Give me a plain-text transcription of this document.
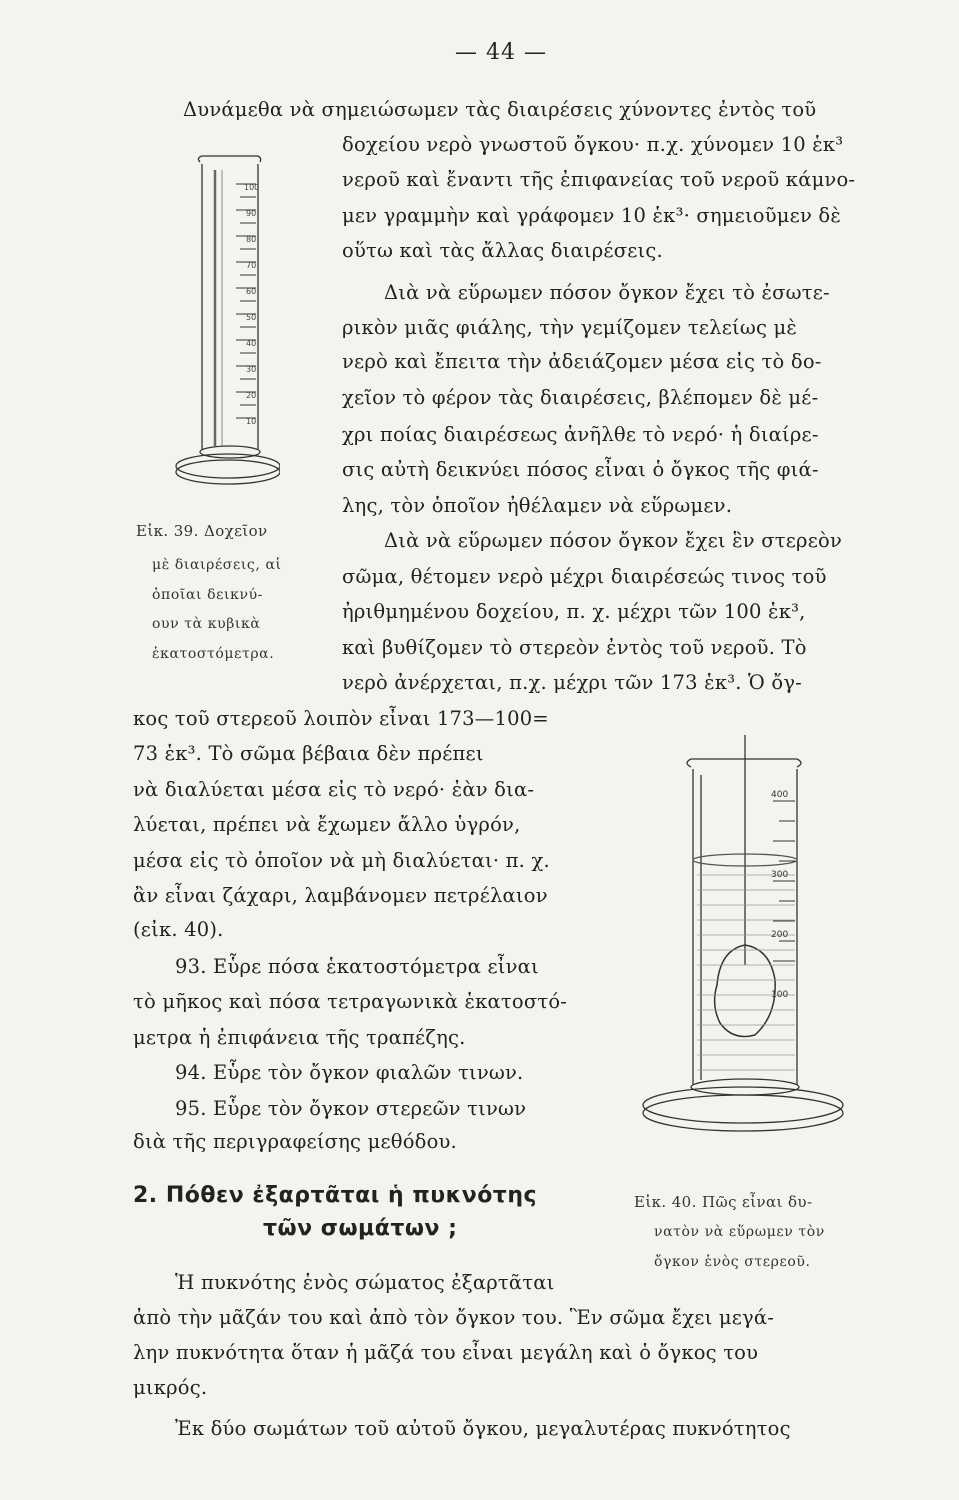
— 44 —
100
90
80
70
60
50
40
30
20
10
400
300
200
100
Δυνάμεθα νὰ σημειώσωμεν τὰς διαιρέσεις χύνοντες ἐντὸς τοῦ
δοχείου νερὸ γνωστοῦ ὄγκου· π.χ. χύνομεν 10 ἑκ³
νεροῦ καὶ ἔναντι τῆς ἐπιφανείας τοῦ νεροῦ κάμνο-
μεν γραμμὴν καὶ γράφομεν 10 ἑκ³· σημειοῦμεν δὲ
οὕτω καὶ τὰς ἄλλας διαιρέσεις.
Διὰ νὰ εὕρωμεν πόσον ὄγκον ἔχει τὸ ἐσωτε-
ρικὸν μιᾶς φιάλης, τὴν γεμίζομεν τελείως μὲ
νερὸ καὶ ἔπειτα τὴν ἀδειάζομεν μέσα εἰς τὸ δο-
χεῖον τὸ φέρον τὰς διαιρέσεις, βλέπομεν δὲ μέ-
χρι ποίας διαιρέσεως ἀνῆλθε τὸ νερό· ἡ διαίρε-
σις αὐτὴ δεικνύει πόσος εἶναι ὁ ὄγκος τῆς φιά-
λης, τὸν ὁποῖον ἠθέλαμεν νὰ εὕρωμεν.
Διὰ νὰ εὕρωμεν πόσον ὄγκον ἔχει ἓν στερεὸν
σῶμα, θέτομεν νερὸ μέχρι διαιρέσεώς τινος τοῦ
ἠριθμημένου δοχείου, π. χ. μέχρι τῶν 100 ἑκ³,
καὶ βυθίζομεν τὸ στερεὸν ἐντὸς τοῦ νεροῦ. Τὸ
νερὸ ἀνέρχεται, π.χ. μέχρι τῶν 173 ἑκ³. Ὁ ὄγ-
κος τοῦ στερεοῦ λοιπὸν εἶναι 173—100=
73 ἑκ³. Τὸ σῶμα βέβαια δὲν πρέπει
νὰ διαλύεται μέσα εἰς τὸ νερό· ἐὰν δια-
λύεται, πρέπει νὰ ἔχωμεν ἄλλο ὑγρόν,
μέσα εἰς τὸ ὁποῖον νὰ μὴ διαλύεται· π. χ.
ἂν εἶναι ζάχαρι, λαμβάνομεν πετρέλαιον
(εἰκ. 40).
93. Εὗρε πόσα ἑκατοστόμετρα εἶναι
τὸ μῆκος καὶ πόσα τετραγωνικὰ ἑκατοστό-
μετρα ἡ ἐπιφάνεια τῆς τραπέζης.
94. Εὗρε τὸν ὄγκον φιαλῶν τινων.
95. Εὗρε τὸν ὄγκον στερεῶν τινων
διὰ τῆς περιγραφείσης μεθόδου.
2. Πόθεν ἐξαρτᾶται ἡ πυκνότης
τῶν σωμάτων ;
Ἡ πυκνότης ἑνὸς σώματος ἐξαρτᾶται
ἀπὸ τὴν μᾶζάν του καὶ ἀπὸ τὸν ὄγκον του. Ἓν σῶμα ἔχει μεγά-
λην πυκνότητα ὅταν ἡ μᾶζά του εἶναι μεγάλη καὶ ὁ ὄγκος του
μικρός.
Ἐκ δύο σωμάτων τοῦ αὐτοῦ ὄγκου, μεγαλυτέρας πυκνότητος
Εἰκ. 39. Δοχεῖον
μὲ διαιρέσεις, αἱ
ὁποῖαι δεικνύ-
ουν τὰ κυβικὰ
ἑκατοστόμετρα.
Εἰκ. 40. Πῶς εἶναι δυ-
νατὸν νὰ εὕρωμεν τὸν
ὄγκον ἑνὸς στερεοῦ.
